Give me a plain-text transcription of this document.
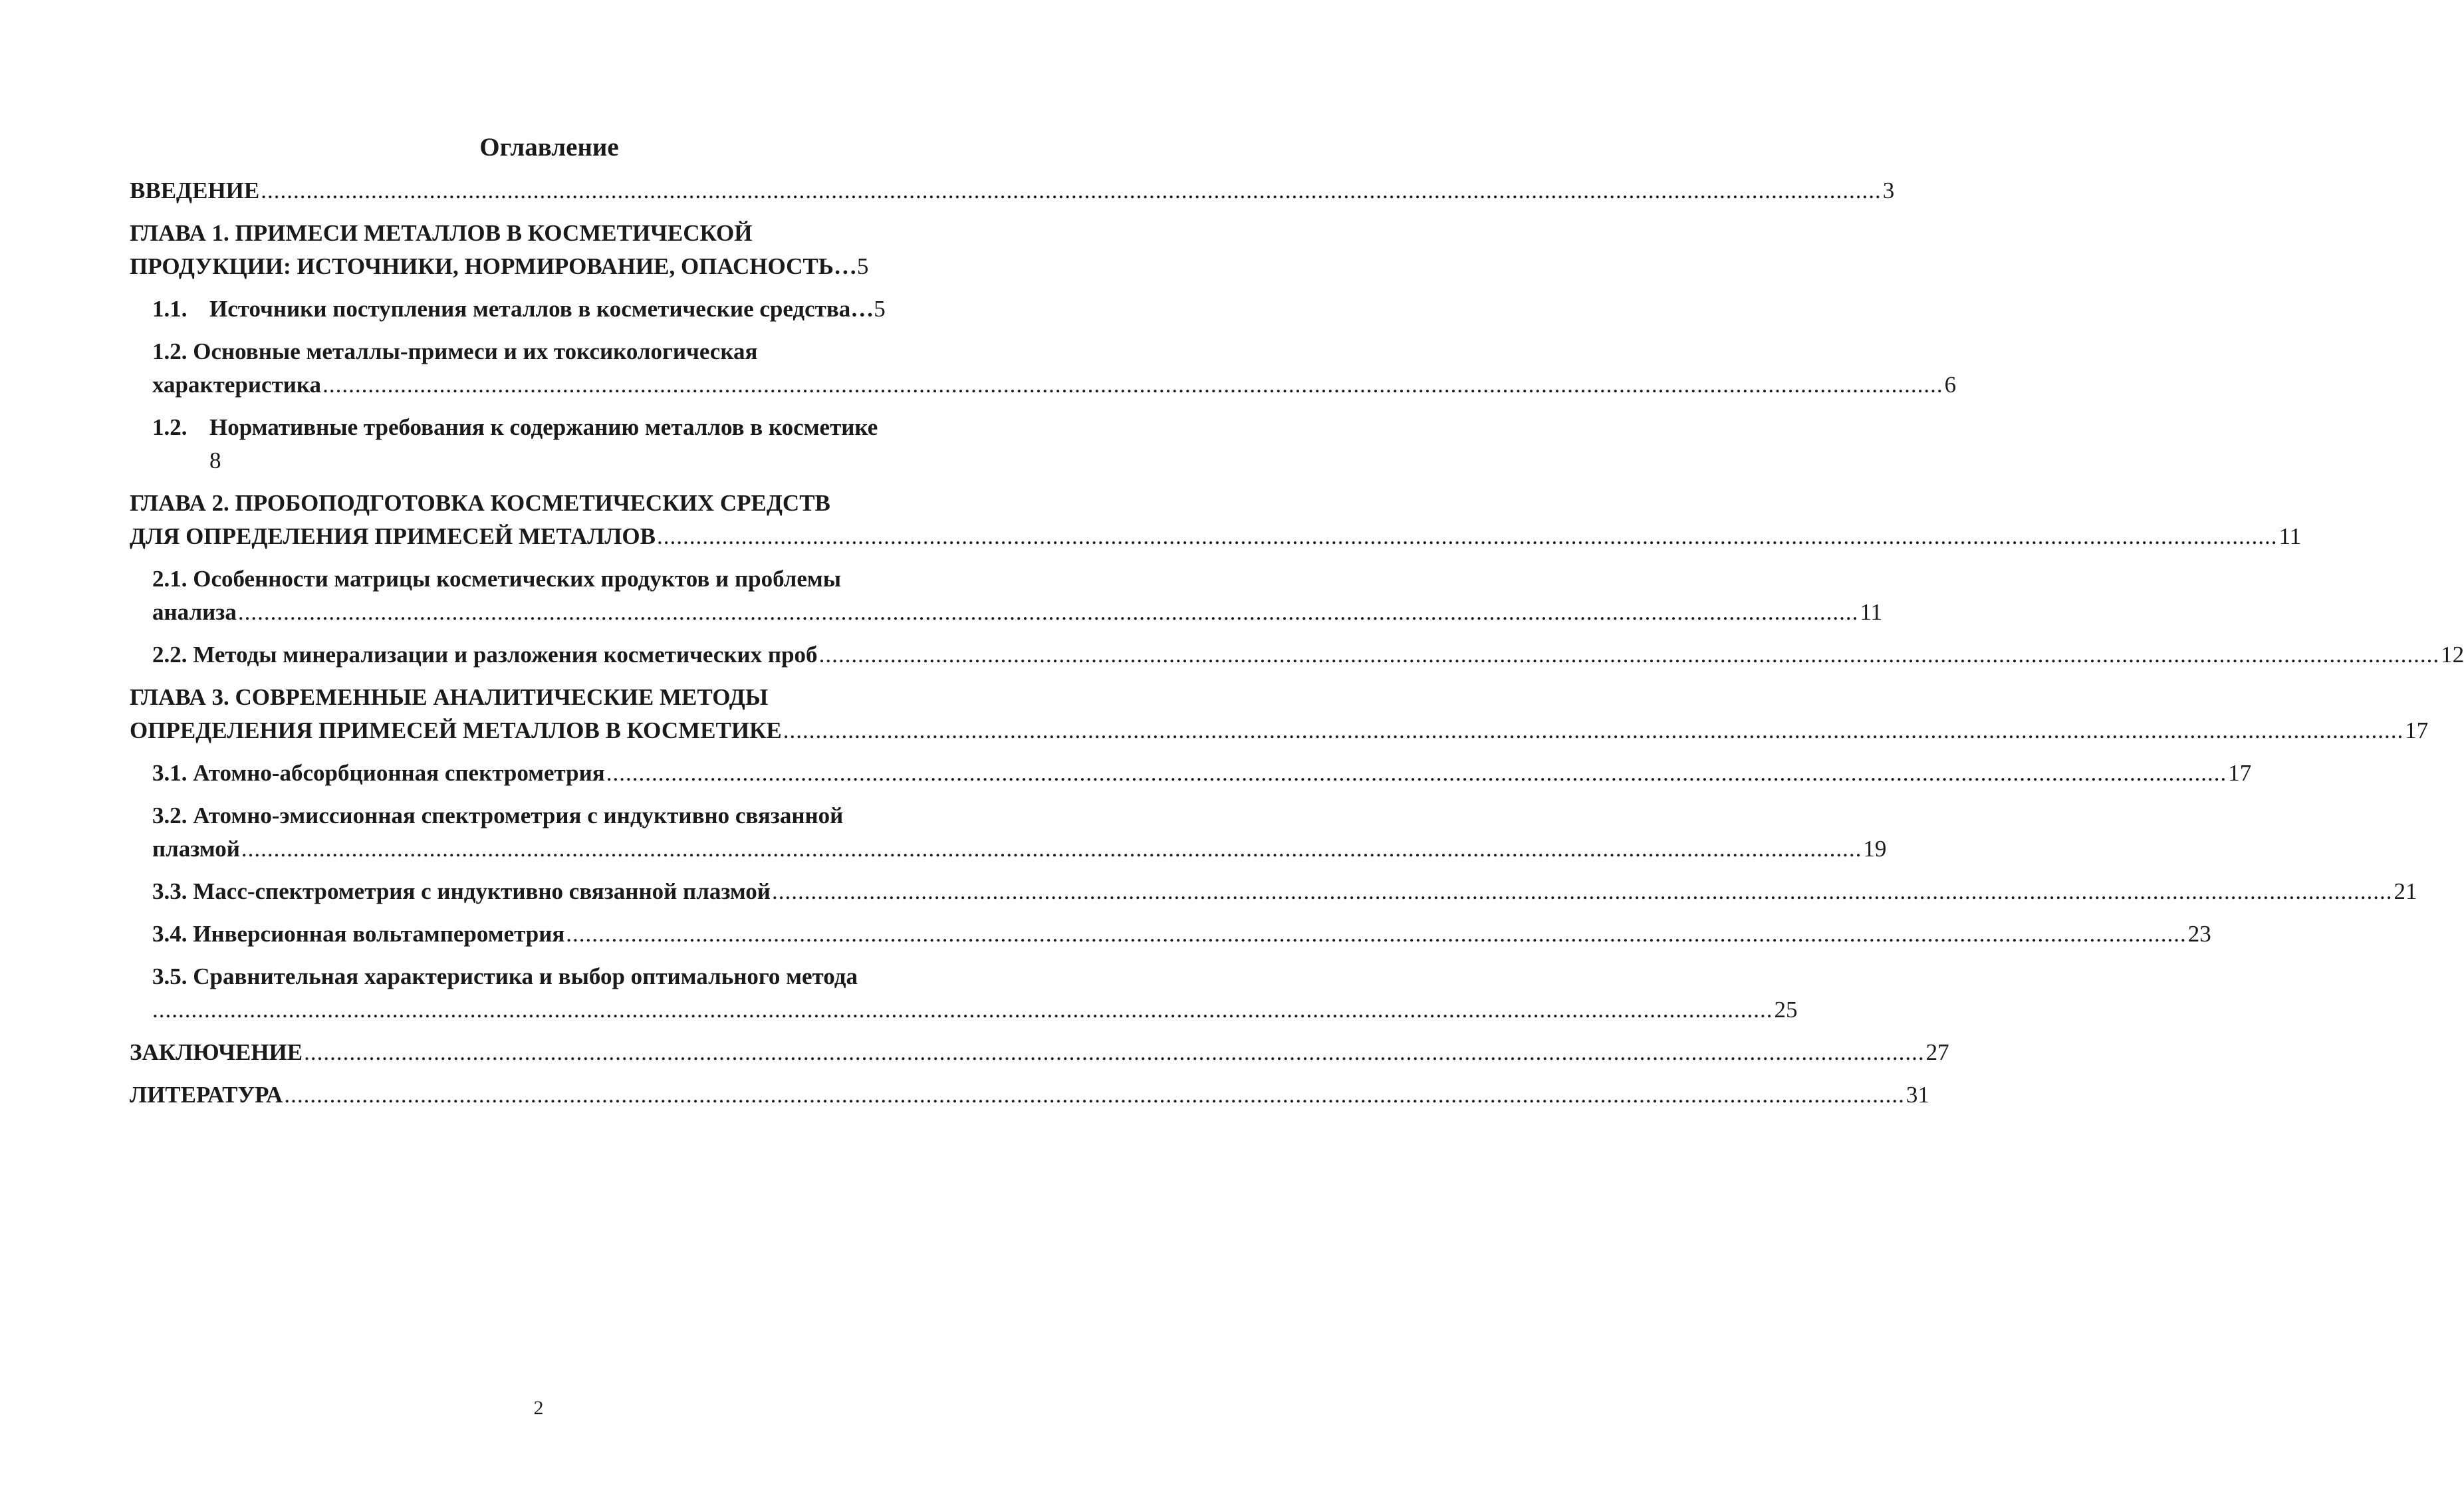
Оглавление
ВВЕДЕНИЕ .......................................................................................................................................................................................................................................................... 3
ГЛАВА 1. ПРИМЕСИ МЕТАЛЛОВ В КОСМЕТИЧЕСКОЙ
ПРОДУКЦИИ: ИСТОЧНИКИ, НОРМИРОВАНИЕ, ОПАСНОСТЬ… 5
1.1. Источники поступления металлов в косметические средства… 5
1.2. Основные металлы-примеси и их токсикологическая
характеристика .......................................................................................................................................................................................................................................................... 6
1.2. Нормативные требования к содержанию металлов в косметике
8
ГЛАВА 2. ПРОБОПОДГОТОВКА КОСМЕТИЧЕСКИХ СРЕДСТВ
ДЛЯ ОПРЕДЕЛЕНИЯ ПРИМЕСЕЙ МЕТАЛЛОВ .......................................................................................................................................................................................................................................................... 11
2.1. Особенности матрицы косметических продуктов и проблемы
анализа .......................................................................................................................................................................................................................................................... 11
2.2. Методы минерализации и разложения косметических проб .......................................................................................................................................................................................................................................................... 12
ГЛАВА 3. СОВРЕМЕННЫЕ АНАЛИТИЧЕСКИЕ МЕТОДЫ
ОПРЕДЕЛЕНИЯ ПРИМЕСЕЙ МЕТАЛЛОВ В КОСМЕТИКЕ .......................................................................................................................................................................................................................................................... 17
3.1. Атомно-абсорбционная спектрометрия .......................................................................................................................................................................................................................................................... 17
3.2. Атомно-эмиссионная спектрометрия с индуктивно связанной
плазмой .......................................................................................................................................................................................................................................................... 19
3.3. Масс-спектрометрия с индуктивно связанной плазмой .......................................................................................................................................................................................................................................................... 21
3.4. Инверсионная вольтамперометрия .......................................................................................................................................................................................................................................................... 23
3.5. Сравнительная характеристика и выбор оптимального метода
.......................................................................................................................................................................................................................................................... 25
ЗАКЛЮЧЕНИЕ .......................................................................................................................................................................................................................................................... 27
ЛИТЕРАТУРА .......................................................................................................................................................................................................................................................... 31
2
